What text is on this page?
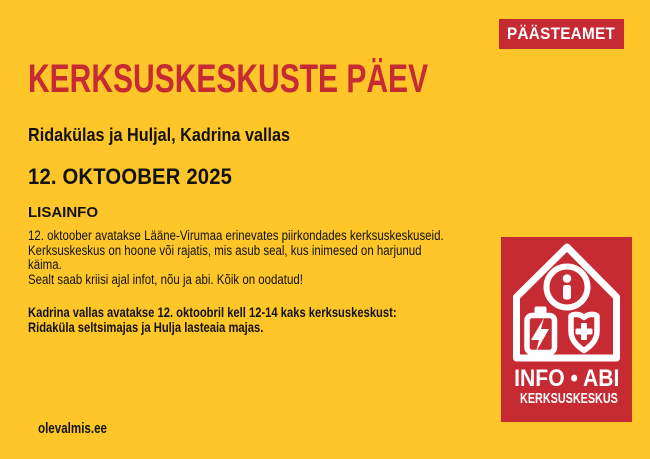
PÄÄSTEAMET
KERKSUSKESKUSTE PÄEV
Ridakülas ja Huljal, Kadrina vallas
12. OKTOOBER 2025
LISAINFO
12. oktoober avatakse Lääne-Virumaa erinevates piirkondades kerksuskeskuseid.
Kerksuskeskus on hoone või rajatis, mis asub seal, kus inimesed on harjunud
käima.
Sealt saab kriisi ajal infot, nõu ja abi. Kõik on oodatud!
Kadrina vallas avatakse 12. oktoobril kell 12-14 kaks kerksuskeskust:
Ridaküla seltsimajas ja Hulja lasteaia majas.
olevalmis.ee
INFO • ABI
KERKSUSKESKUS
